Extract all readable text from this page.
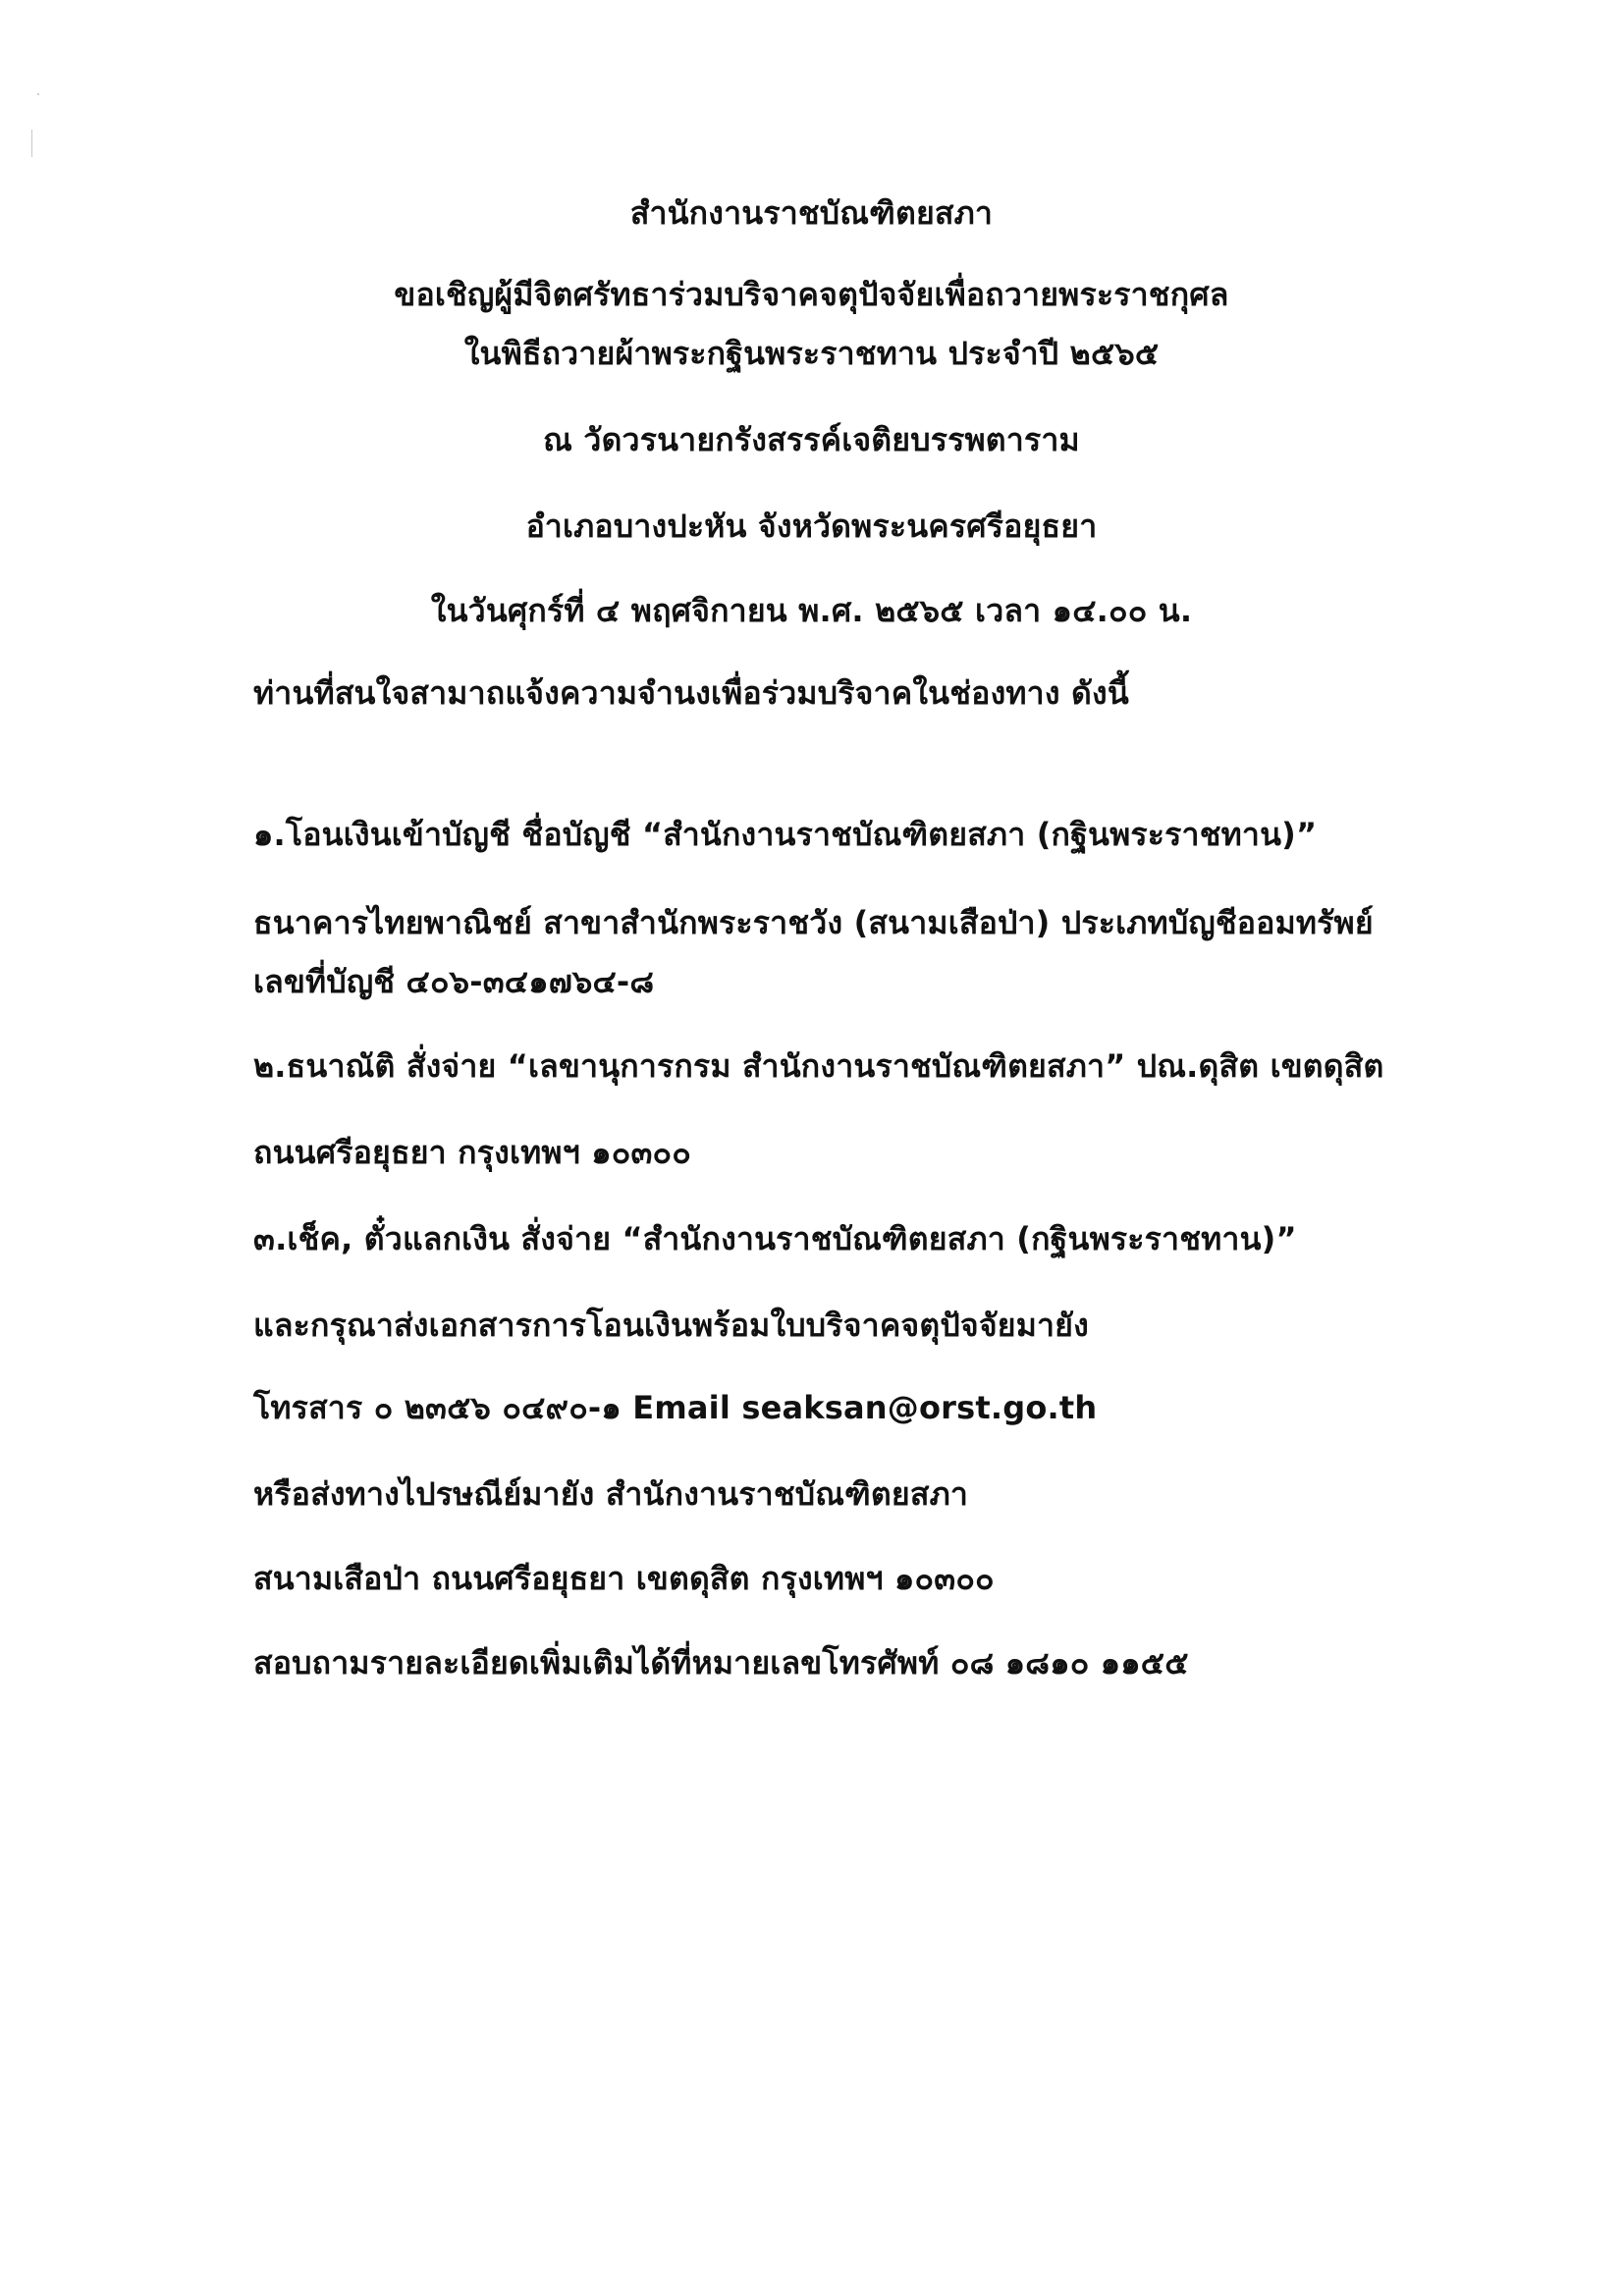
สำนักงานราชบัณฑิตยสภา
ขอเชิญผู้มีจิตศรัทธาร่วมบริจาคจตุปัจจัยเพื่อถวายพระราชกุศล
ในพิธีถวายผ้าพระกฐินพระราชทาน ประจำปี ๒๕๖๕
ณ วัดวรนายกรังสรรค์เจติยบรรพตาราม
อำเภอบางปะหัน จังหวัดพระนครศรีอยุธยา
ในวันศุกร์ที่ ๔ พฤศจิกายน พ.ศ. ๒๕๖๕ เวลา ๑๔.๐๐ น.
ท่านที่สนใจสามาถแจ้งความจำนงเพื่อร่วมบริจาคในช่องทาง ดังนี้
๑.โอนเงินเข้าบัญชี ชื่อบัญชี “สำนักงานราชบัณฑิตยสภา (กฐินพระราชทาน)”
ธนาคารไทยพาณิชย์ สาขาสำนักพระราชวัง (สนามเสือป่า) ประเภทบัญชีออมทรัพย์
เลขที่บัญชี ๔๐๖-๓๔๑๗๖๔-๘
๒.ธนาณัติ สั่งจ่าย “เลขานุการกรม สำนักงานราชบัณฑิตยสภา” ปณ.ดุสิต เขตดุสิต
ถนนศรีอยุธยา กรุงเทพฯ ๑๐๓๐๐
๓.เช็ค, ตั๋วแลกเงิน สั่งจ่าย “สำนักงานราชบัณฑิตยสภา (กฐินพระราชทาน)”
และกรุณาส่งเอกสารการโอนเงินพร้อมใบบริจาคจตุปัจจัยมายัง
โทรสาร ๐ ๒๓๕๖ ๐๔๙๐-๑ Email seaksan@orst.go.th
หรือส่งทางไปรษณีย์มายัง สำนักงานราชบัณฑิตยสภา
สนามเสือป่า ถนนศรีอยุธยา เขตดุสิต กรุงเทพฯ ๑๐๓๐๐
สอบถามรายละเอียดเพิ่มเติมได้ที่หมายเลขโทรศัพท์ ๐๘ ๑๘๑๐ ๑๑๕๕
